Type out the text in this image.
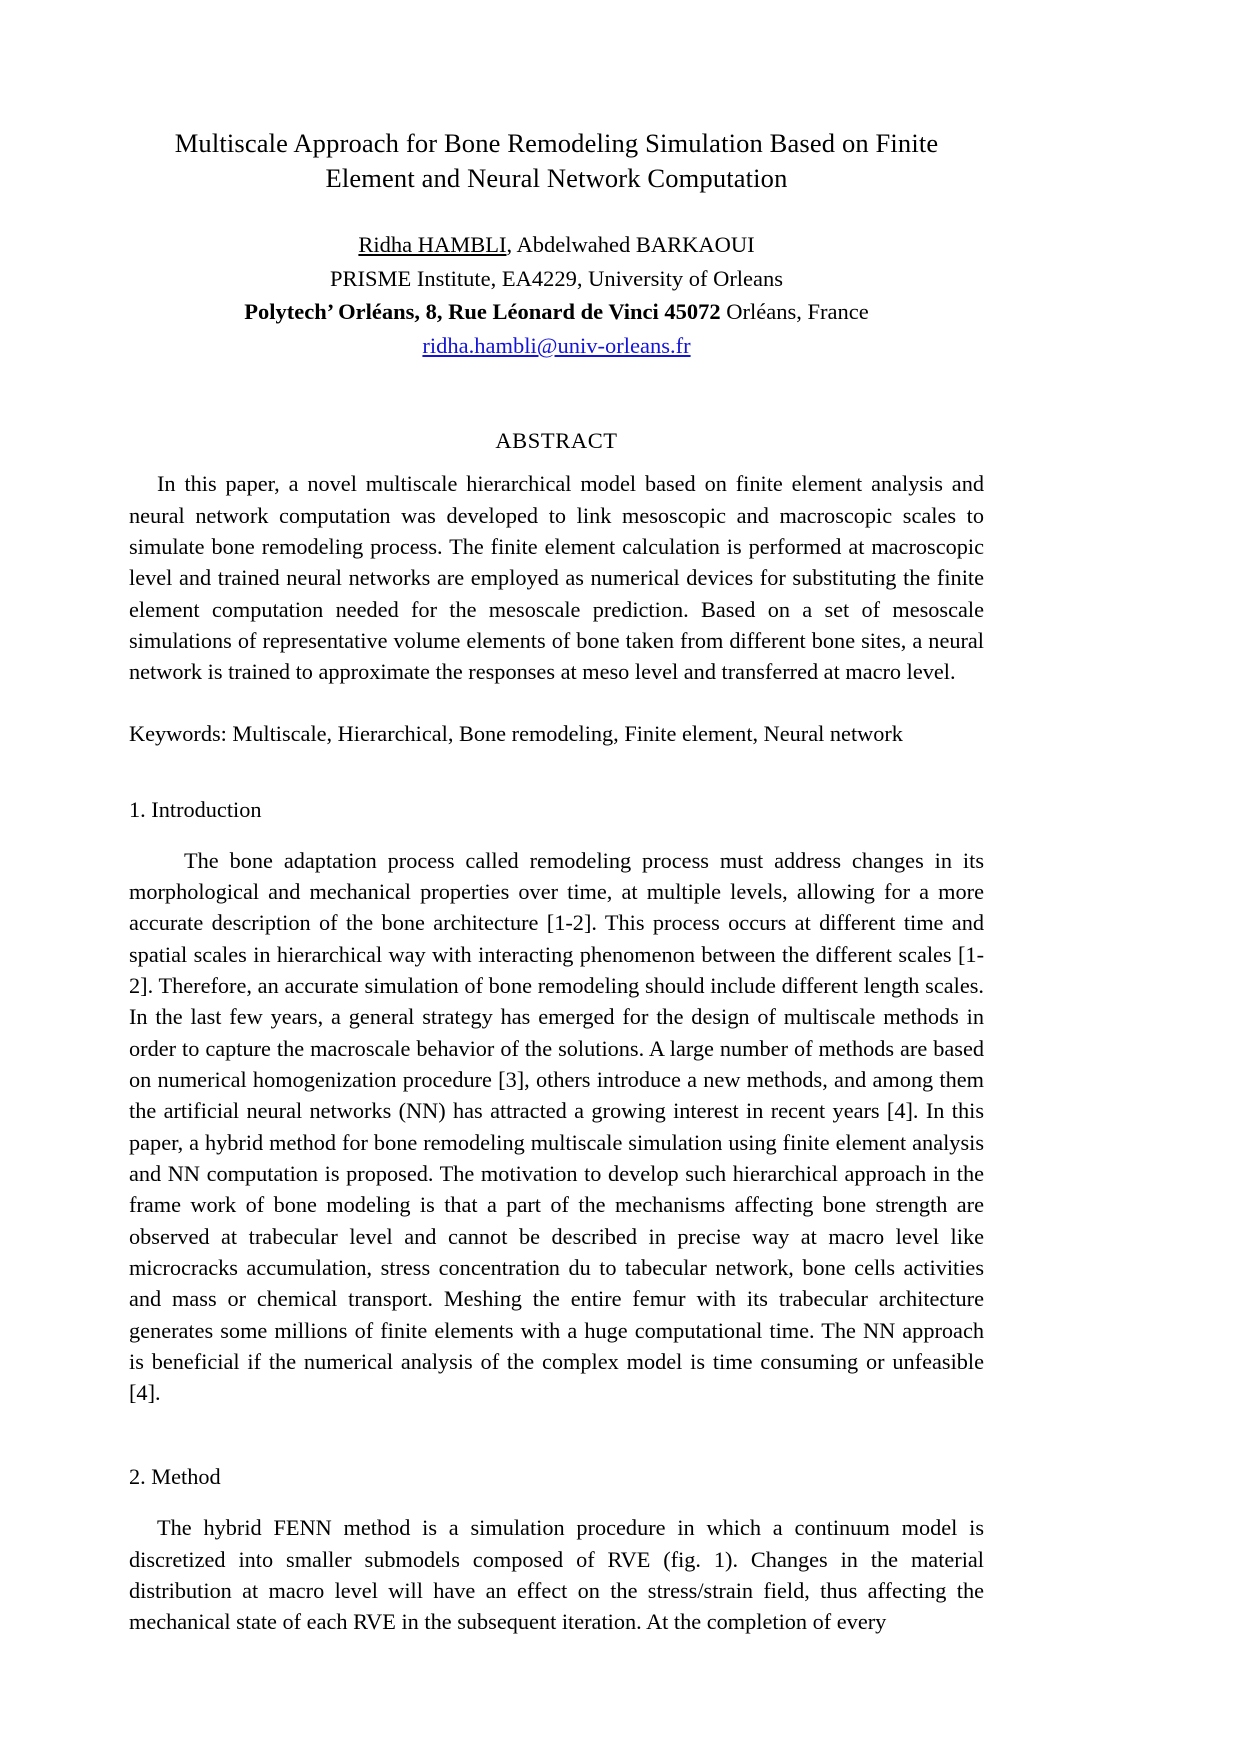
Multiscale Approach for Bone Remodeling Simulation Based on Finite Element and Neural Network Computation
Ridha HAMBLI, Abdelwahed BARKAOUI
PRISME Institute, EA4229, University of Orleans
Polytech’ Orléans, 8, Rue Léonard de Vinci 45072 Orléans, France
ridha.hambli@univ-orleans.fr
ABSTRACT

In this paper, a novel multiscale hierarchical model based on finite element analysis and neural network computation was developed to link mesoscopic and macroscopic scales to simulate bone remodeling process. The finite element calculation is performed at macroscopic level and trained neural networks are employed as numerical devices for substituting the finite element computation needed for the mesoscale prediction. Based on a set of mesoscale simulations of representative volume elements of bone taken from different bone sites, a neural network is trained to approximate the responses at meso level and transferred at macro level.

Keywords: Multiscale, Hierarchical, Bone remodeling, Finite element, Neural network

1. Introduction

The bone adaptation process called remodeling process must address changes in its morphological and mechanical properties over time, at multiple levels, allowing for a more accurate description of the bone architecture [1-2]. This process occurs at different time and spatial scales in hierarchical way with interacting phenomenon between the different scales [1-2]. Therefore, an accurate simulation of bone remodeling should include different length scales. In the last few years, a general strategy has emerged for the design of multiscale methods in order to capture the macroscale behavior of the solutions. A large number of methods are based on numerical homogenization procedure [3], others introduce a new methods, and among them the artificial neural networks (NN) has attracted a growing interest in recent years [4]. In this paper, a hybrid method for bone remodeling multiscale simulation using finite element analysis and NN computation is proposed. The motivation to develop such hierarchical approach in the frame work of bone modeling is that a part of the mechanisms affecting bone strength are observed at trabecular level and cannot be described in precise way at macro level like microcracks accumulation, stress concentration du to tabecular network, bone cells activities and mass or chemical transport. Meshing the entire femur with its trabecular architecture generates some millions of finite elements with a huge computational time. The NN approach is beneficial if the numerical analysis of the complex model is time consuming or unfeasible [4].

2. Method

The hybrid FENN method is a simulation procedure in which a continuum model is discretized into smaller submodels composed of RVE (fig. 1). Changes in the material distribution at macro level will have an effect on the stress/strain field, thus affecting the mechanical state of each RVE in the subsequent iteration. At the completion of every
